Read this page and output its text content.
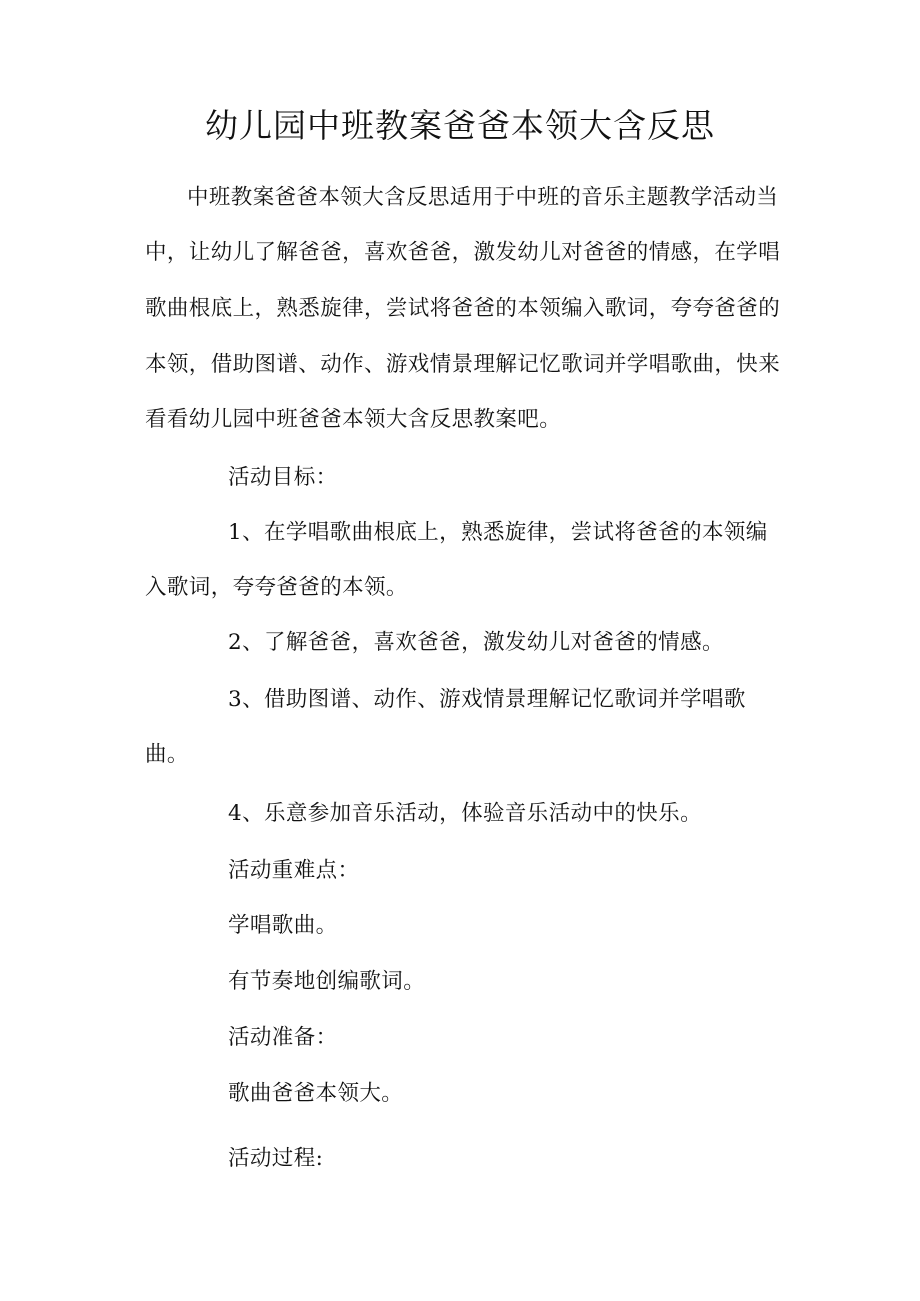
幼儿园中班教案爸爸本领大含反思
中班教案爸爸本领大含反思适用于中班的音乐主题教学活动当
中，让幼儿了解爸爸，喜欢爸爸，激发幼儿对爸爸的情感，在学唱
歌曲根底上，熟悉旋律，尝试将爸爸的本领编入歌词，夸夸爸爸的
本领，借助图谱、动作、游戏情景理解记忆歌词并学唱歌曲，快来
看看幼儿园中班爸爸本领大含反思教案吧。
活动目标：
1、在学唱歌曲根底上，熟悉旋律，尝试将爸爸的本领编
入歌词，夸夸爸爸的本领。
2、了解爸爸，喜欢爸爸，激发幼儿对爸爸的情感。
3、借助图谱、动作、游戏情景理解记忆歌词并学唱歌
曲。
4、乐意参加音乐活动，体验音乐活动中的快乐。
活动重难点：
学唱歌曲。
有节奏地创编歌词。
活动准备：
歌曲爸爸本领大。
活动过程:
